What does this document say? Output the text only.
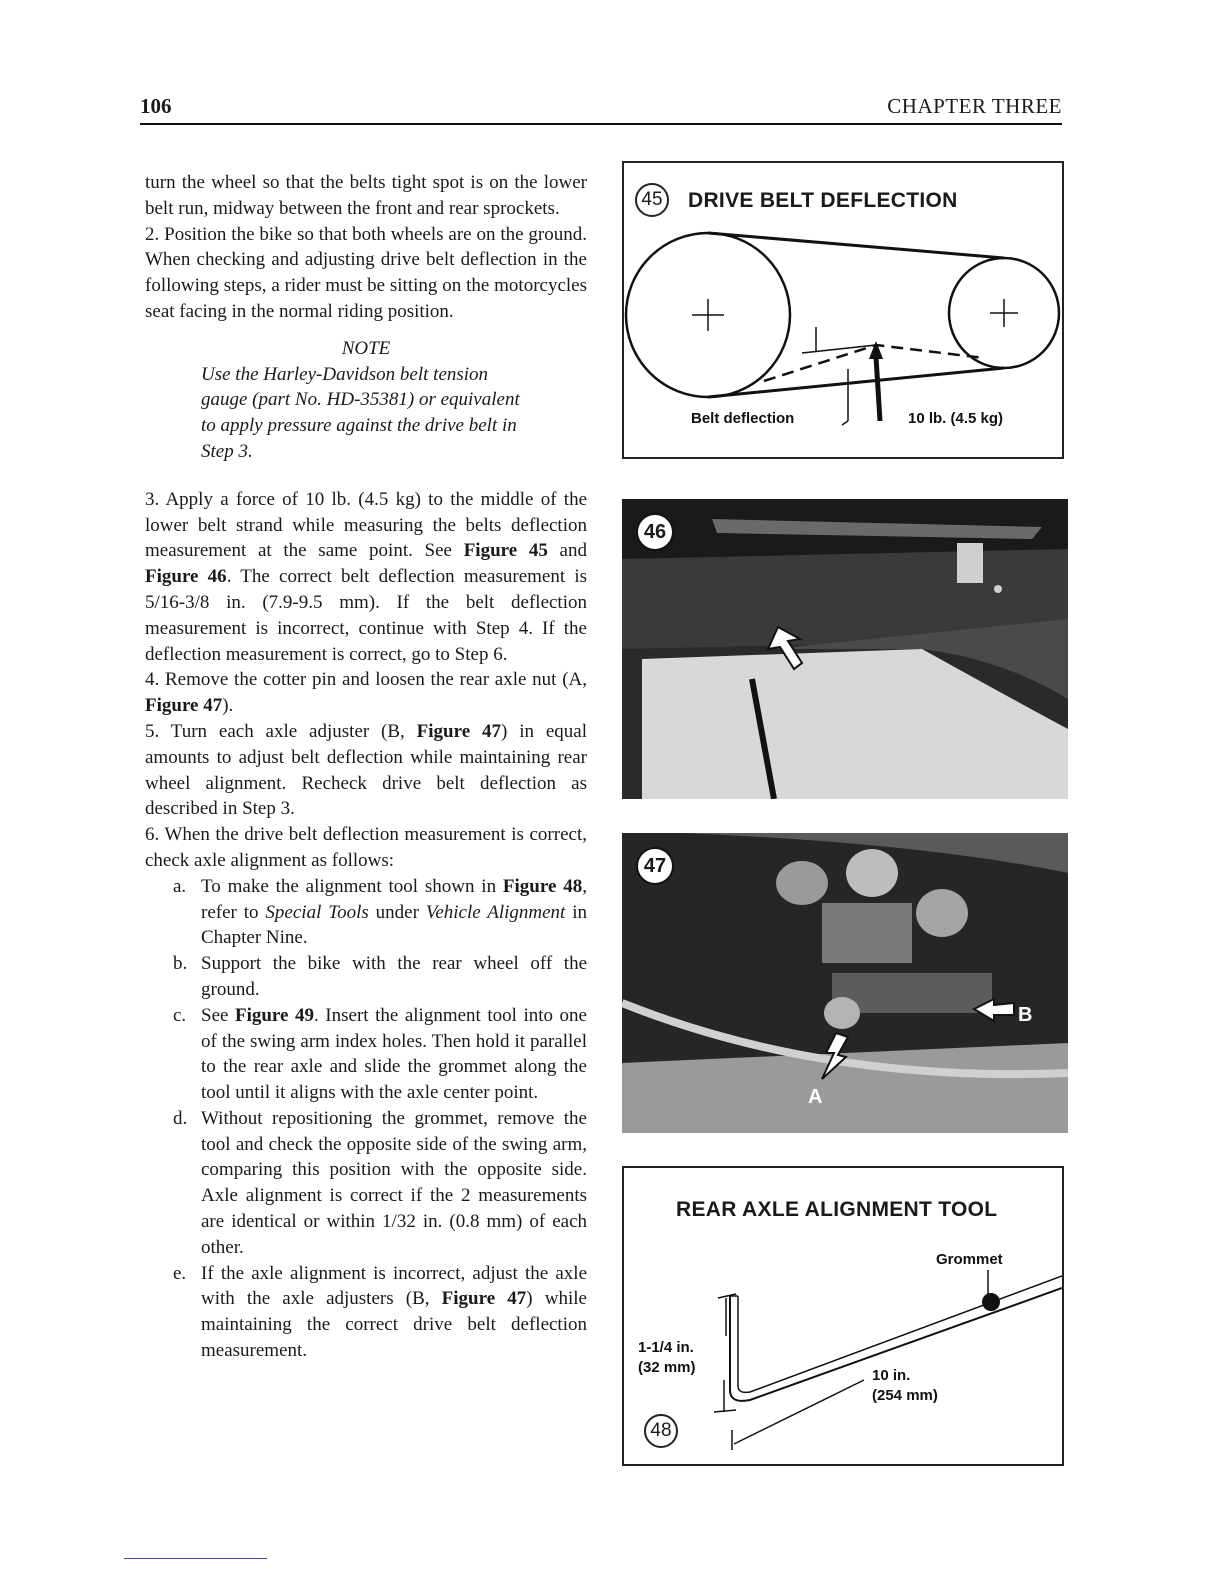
106	CHAPTER THREE

turn the wheel so that the belts tight spot is on the lower belt run, midway between the front and rear sprockets.

2. Position the bike so that both wheels are on the ground. When checking and adjusting drive belt deflection in the following steps, a rider must be sitting on the motorcycles seat facing in the normal riding position.

NOTE

Use the Harley-Davidson belt tension gauge (part No. HD-35381) or equivalent to apply pressure against the drive belt in Step 3.

3. Apply a force of 10 lb. (4.5 kg) to the middle of the lower belt strand while measuring the belts deflection measurement at the same point. See Figure 45 and Figure 46. The correct belt deflection measurement is 5/16-3/8 in. (7.9-9.5 mm). If the belt deflection measurement is incorrect, continue with Step 4. If the deflection measurement is correct, go to Step 6.

4. Remove the cotter pin and loosen the rear axle nut (A, Figure 47).

5. Turn each axle adjuster (B, Figure 47) in equal amounts to adjust belt deflection while maintaining rear wheel alignment. Recheck drive belt deflection as described in Step 3.

6. When the drive belt deflection measurement is correct, check axle alignment as follows:

a. To make the alignment tool shown in Figure 48, refer to Special Tools under Vehicle Alignment in Chapter Nine.

b. Support the bike with the rear wheel off the ground.

c. See Figure 49. Insert the alignment tool into one of the swing arm index holes. Then hold it parallel to the rear axle and slide the grommet along the tool until it aligns with the axle center point.

d. Without repositioning the grommet, remove the tool and check the opposite side of the swing arm, comparing this position with the opposite side. Axle alignment is correct if the 2 measurements are identical or within 1/32 in. (0.8 mm) of each other.

e. If the axle alignment is incorrect, adjust the axle with the axle adjusters (B, Figure 47) while maintaining the correct drive belt deflection measurement.

45	DRIVE BELT DEFLECTION
Belt deflection	10 lb. (4.5 kg)
46
A
B
47
REAR AXLE ALIGNMENT TOOL
Grommet
1-1/4 in.
(32 mm)	10 in.
(254 mm)
48
